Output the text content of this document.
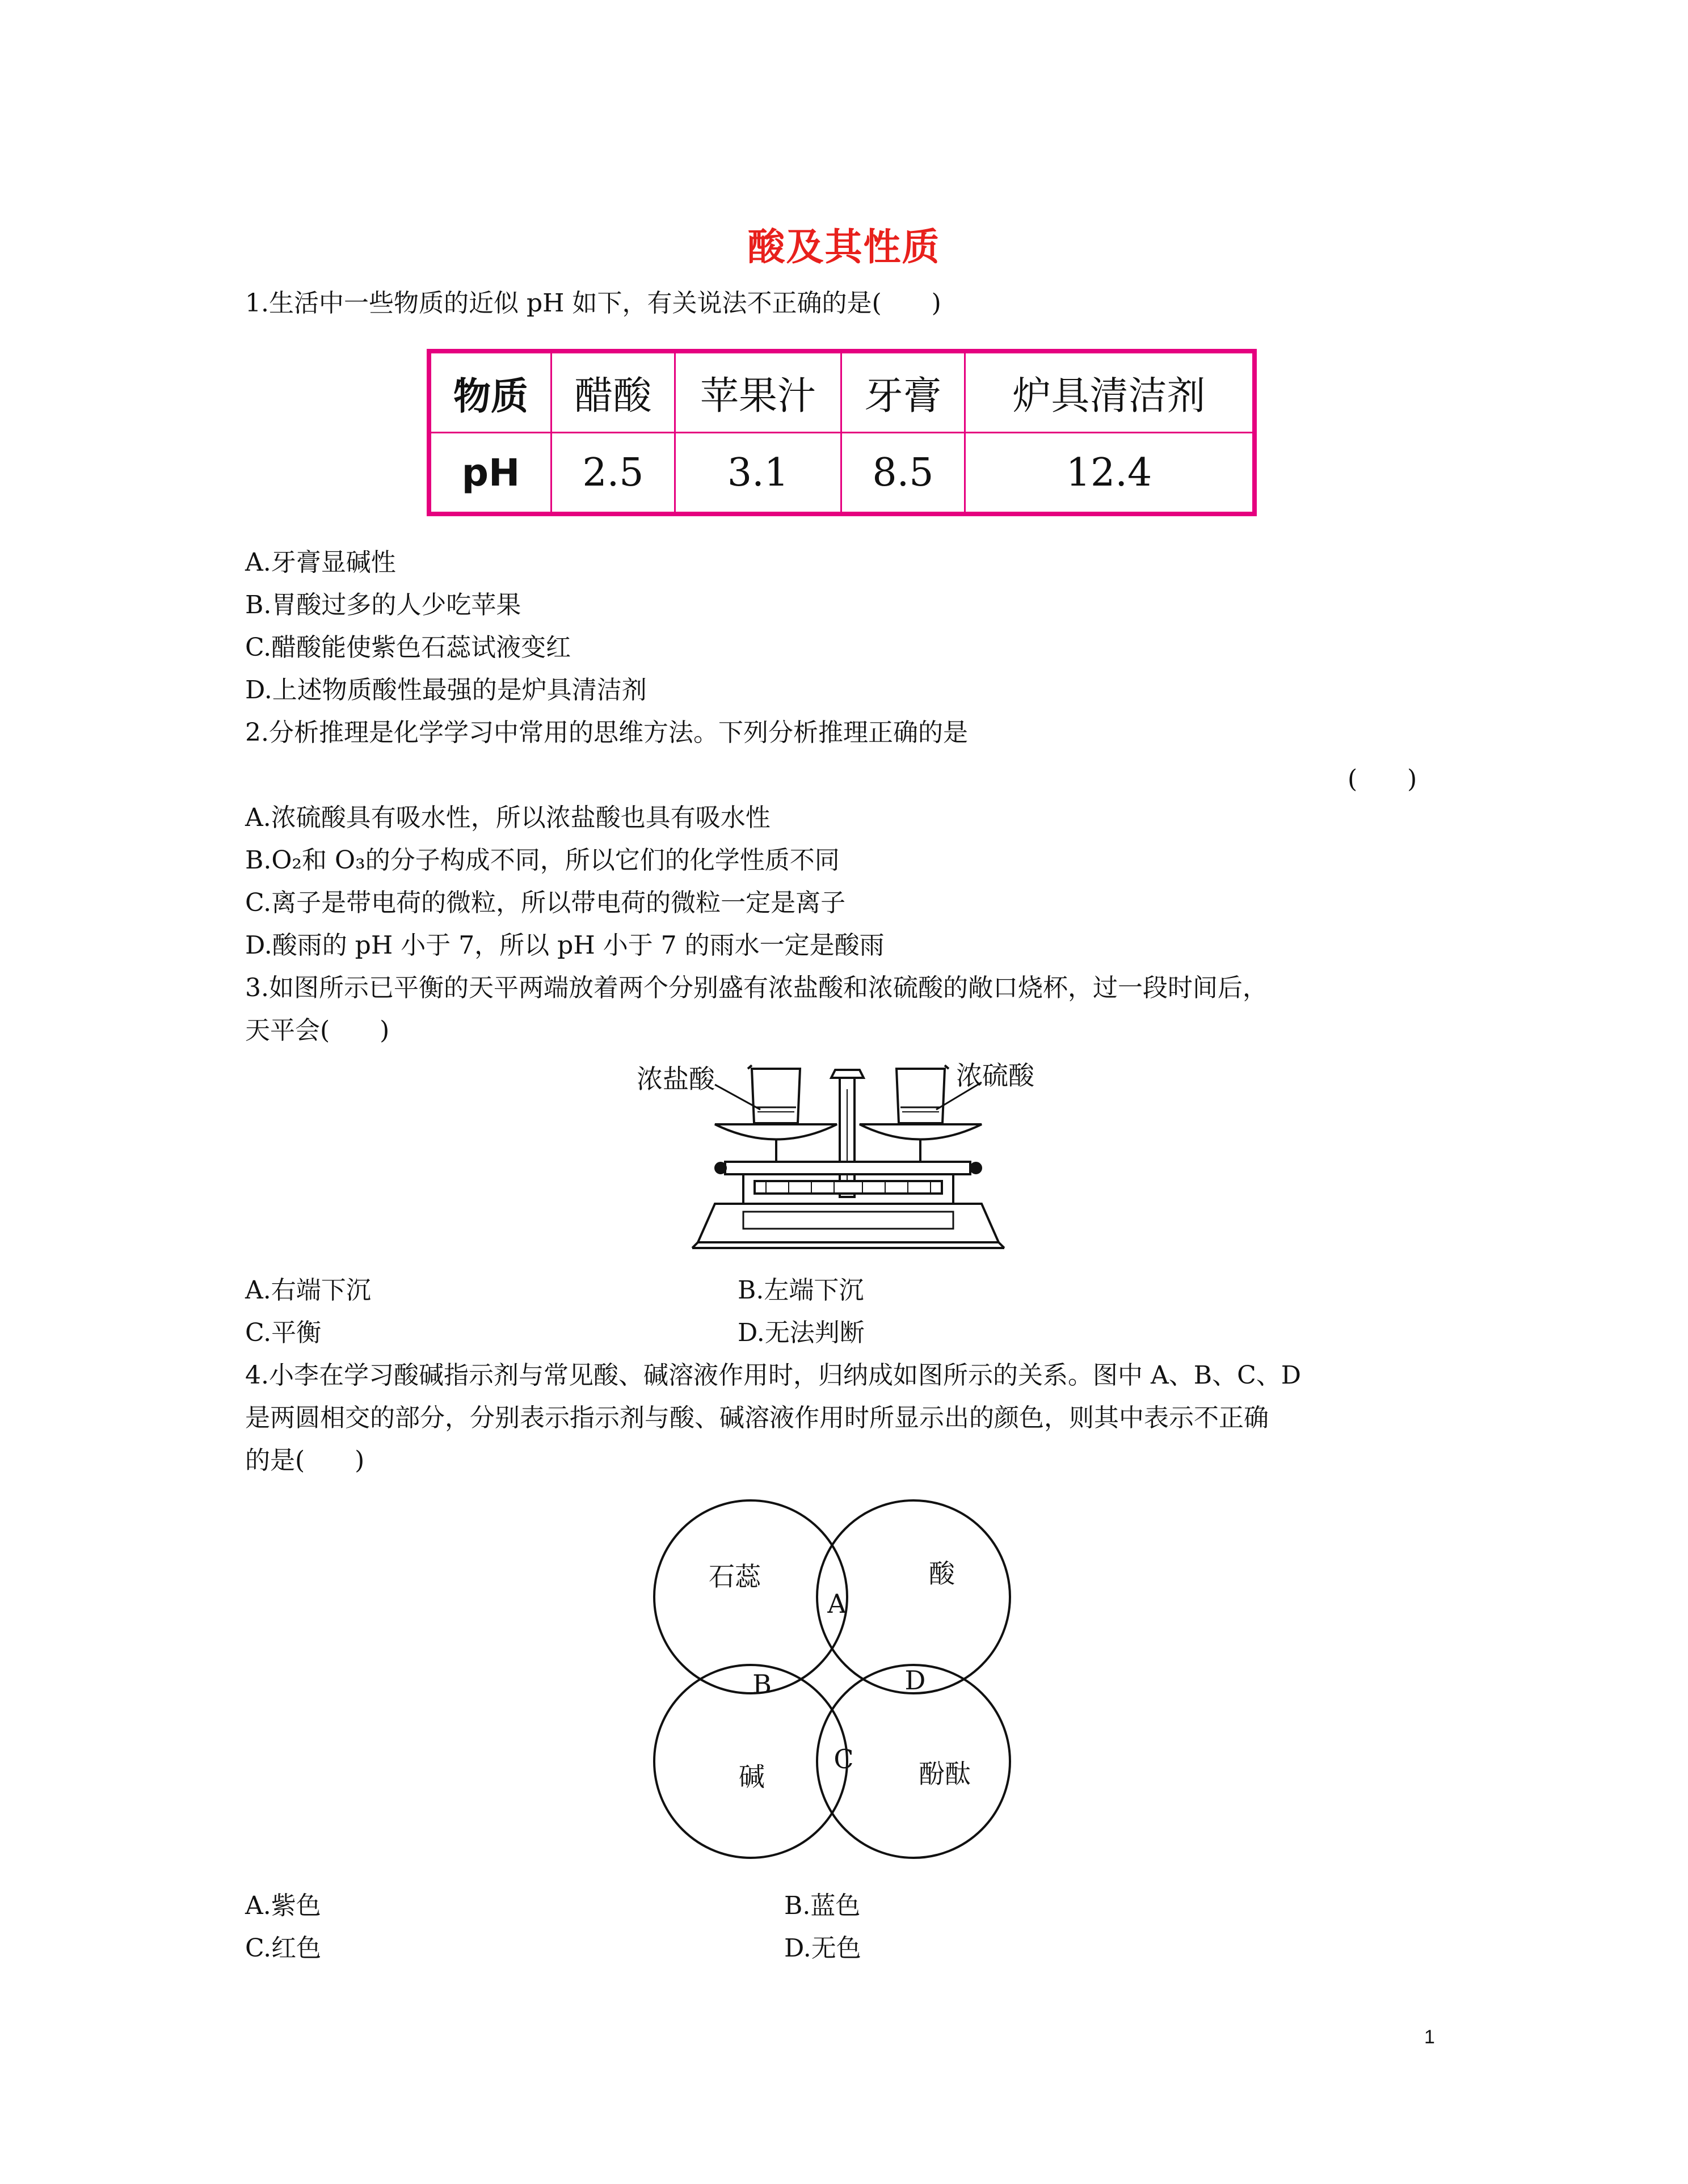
酸及其性质
1.生活中一些物质的近似 pH 如下，有关说法不正确的是(　　)
物质	醋酸	苹果汁	牙膏	炉具清洁剂
pH	2.5	3.1	8.5	12.4
A.牙膏显碱性
B.胃酸过多的人少吃苹果
C.醋酸能使紫色石蕊试液变红
D.上述物质酸性最强的是炉具清洁剂
2.分析推理是化学学习中常用的思维方法。下列分析推理正确的是
(　　)
A.浓硫酸具有吸水性，所以浓盐酸也具有吸水性
B.O₂和 O₃的分子构成不同，所以它们的化学性质不同
C.离子是带电荷的微粒，所以带电荷的微粒一定是离子
D.酸雨的 pH 小于 7，所以 pH 小于 7 的雨水一定是酸雨
3.如图所示已平衡的天平两端放着两个分别盛有浓盐酸和浓硫酸的敞口烧杯，过一段时间后，
天平会(　　)
浓盐酸	浓硫酸
A.右端下沉	B.左端下沉
C.平衡	D.无法判断
4.小李在学习酸碱指示剂与常见酸、碱溶液作用时，归纳成如图所示的关系。图中 A、B、C、D
是两圆相交的部分，分别表示指示剂与酸、碱溶液作用时所显示出的颜色，则其中表示不正确
的是(　　)
石蕊	酸
碱	酚酞
A
B
C
D
A.紫色	B.蓝色
C.红色	D.无色
1
